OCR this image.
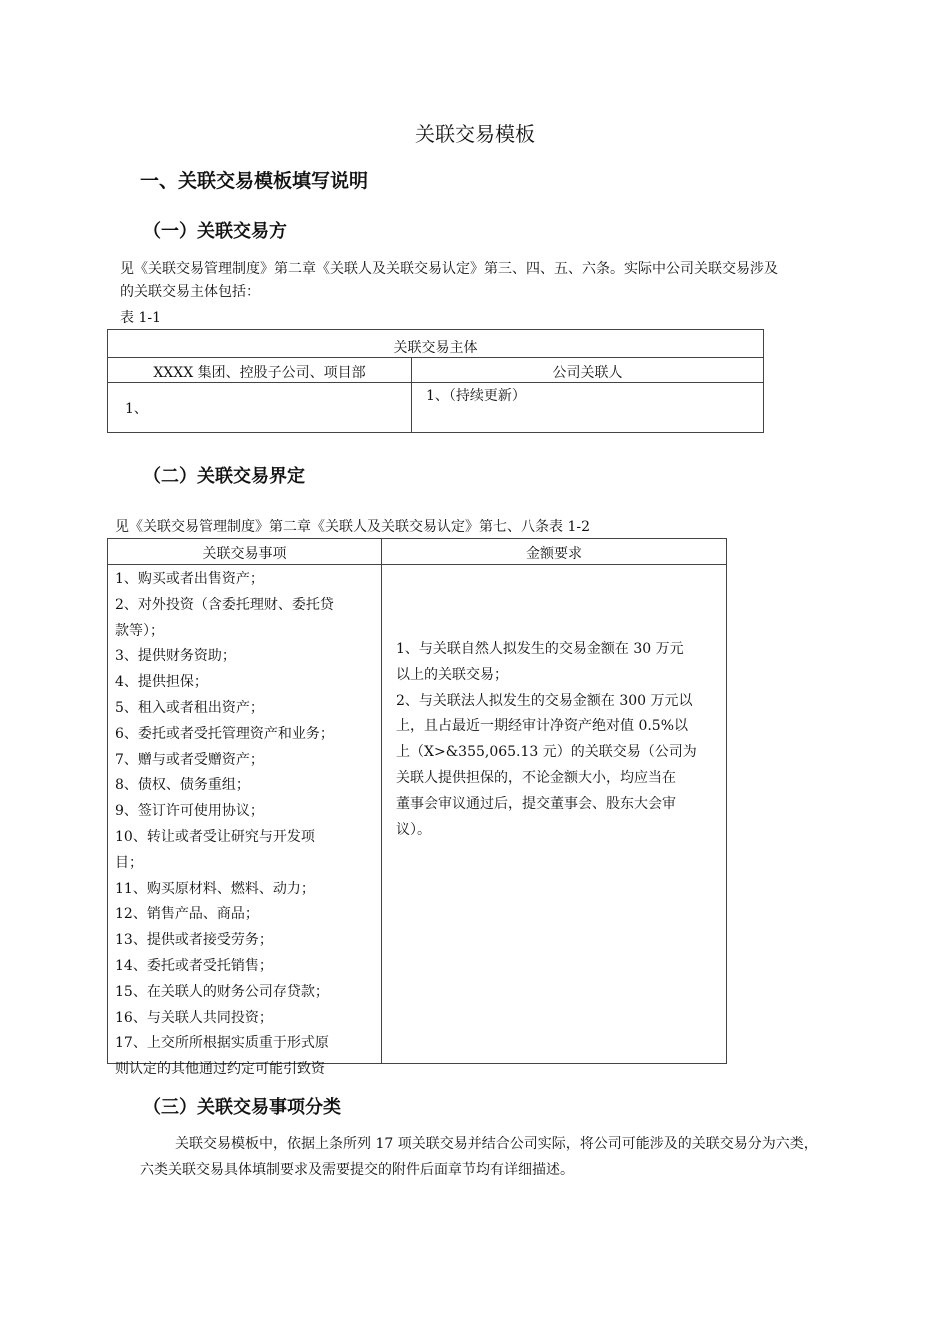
关联交易模板
一、关联交易模板填写说明
（一）关联交易方
见《关联交易管理制度》第二章《关联人及关联交易认定》第三、四、五、六条。实际中公司关联交易涉及
的关联交易主体包括：
表 1-1
关联交易主体
XXXX 集团、控股子公司、项目部	公司关联人
1、
1、（持续更新）
（二）关联交易界定
见《关联交易管理制度》第二章《关联人及关联交易认定》第七、八条表 1-2
关联交易事项	金额要求
1、购买或者出售资产；
2、对外投资（含委托理财、委托贷
款等）；
3、提供财务资助；
4、提供担保；
5、租入或者租出资产；
6、委托或者受托管理资产和业务；
7、赠与或者受赠资产；
8、债权、债务重组；
9、签订许可使用协议；
10、转让或者受让研究与开发项
目；
11、购买原材料、燃料、动力；
12、销售产品、商品；
13、提供或者接受劳务；
14、委托或者受托销售；
15、在关联人的财务公司存贷款；
16、与关联人共同投资；
17、上交所所根据实质重于形式原
则认定的其他通过约定可能引致资
1、与关联自然人拟发生的交易金额在 30 万元
以上的关联交易；
2、与关联法人拟发生的交易金额在 300 万元以
上，且占最近一期经审计净资产绝对值 0.5%以
上（X>&355,065.13 元）的关联交易（公司为
关联人提供担保的，不论金额大小，均应当在
董事会审议通过后，提交董事会、股东大会审
议）。
（三）关联交易事项分类
关联交易模板中，依据上条所列 17 项关联交易并结合公司实际，将公司可能涉及的关联交易分为六类，
六类关联交易具体填制要求及需要提交的附件后面章节均有详细描述。
